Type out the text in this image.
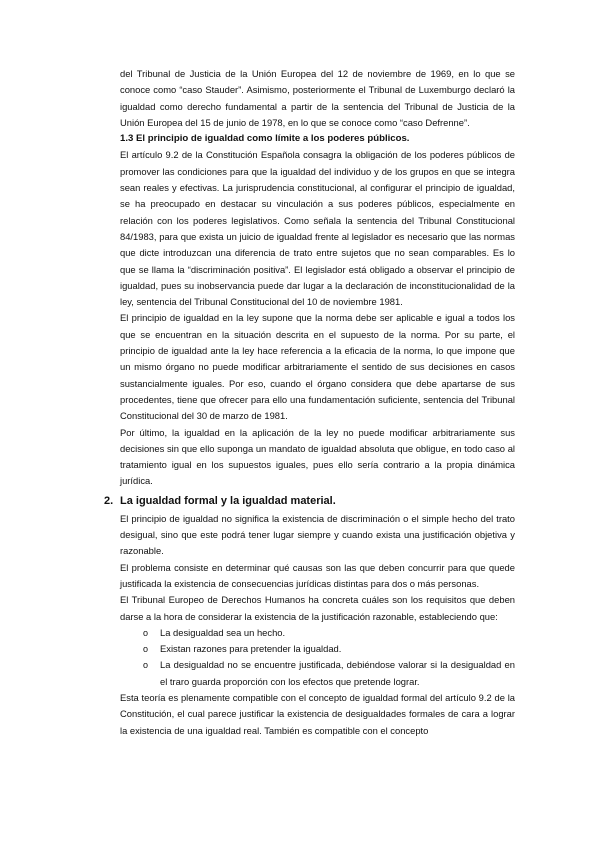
del Tribunal de Justicia de la Unión Europea del 12 de noviembre de 1969, en lo que se conoce como “caso Stauder”. Asimismo, posteriormente el Tribunal de Luxemburgo declaró la igualdad como derecho fundamental a partir de la sentencia del Tribunal de Justicia de la Unión Europea del 15 de junio de 1978, en lo que se conoce como “caso Defrenne”.

1.3 El principio de igualdad como límite a los poderes públicos.

El artículo 9.2 de la Constitución Española consagra la obligación de los poderes públicos de promover las condiciones para que la igualdad del individuo y de los grupos en que se integra sean reales y efectivas. La jurisprudencia constitucional, al configurar el principio de igualdad, se ha preocupado en destacar su vinculación a sus poderes públicos, especialmente en relación con los poderes legislativos. Como señala la sentencia del Tribunal Constitucional 84/1983, para que exista un juicio de igualdad frente al legislador es necesario que las normas que dicte introduzcan una diferencia de trato entre sujetos que no sean comparables. Es lo que se llama la “discriminación positiva”. El legislador está obligado a observar el principio de igualdad, pues su inobservancia puede dar lugar a la declaración de inconstitucionalidad de la ley, sentencia del Tribunal Constitucional del 10 de noviembre 1981.

El principio de igualdad en la ley supone que la norma debe ser aplicable e igual a todos los que se encuentran en la situación descrita en el supuesto de la norma. Por su parte, el principio de igualdad ante la ley hace referencia a la eficacia de la norma, lo que impone que un mismo órgano no puede modificar arbitrariamente el sentido de sus decisiones en casos sustancialmente iguales. Por eso, cuando el órgano considera que debe apartarse de sus procedentes, tiene que ofrecer para ello una fundamentación suficiente, sentencia del Tribunal Constitucional del 30 de marzo de 1981.

Por último, la igualdad en la aplicación de la ley no puede modificar arbitrariamente sus decisiones sin que ello suponga un mandato de igualdad absoluta que obligue, en todo caso al tratamiento igual en los supuestos iguales, pues ello sería contrario a la propia dinámica jurídica.

2. La igualdad formal y la igualdad material.

El principio de igualdad no significa la existencia de discriminación o el simple hecho del trato desigual, sino que este podrá tener lugar siempre y cuando exista una justificación objetiva y razonable.

El problema consiste en determinar qué causas son las que deben concurrir para que quede justificada la existencia de consecuencias jurídicas distintas para dos o más personas.

El Tribunal Europeo de Derechos Humanos ha concreta cuáles son los requisitos que deben darse a la hora de considerar la existencia de la justificación razonable, estableciendo que:

o La desigualdad sea un hecho.
o Existan razones para pretender la igualdad.
o La desigualdad no se encuentre justificada, debiéndose valorar si la desigualdad en el traro guarda proporción con los efectos que pretende lograr.

Esta teoría es plenamente compatible con el concepto de igualdad formal del artículo 9.2 de la Constitución, el cual parece justificar la existencia de desigualdades formales de cara a lograr la existencia de una igualdad real. También es compatible con el concepto
